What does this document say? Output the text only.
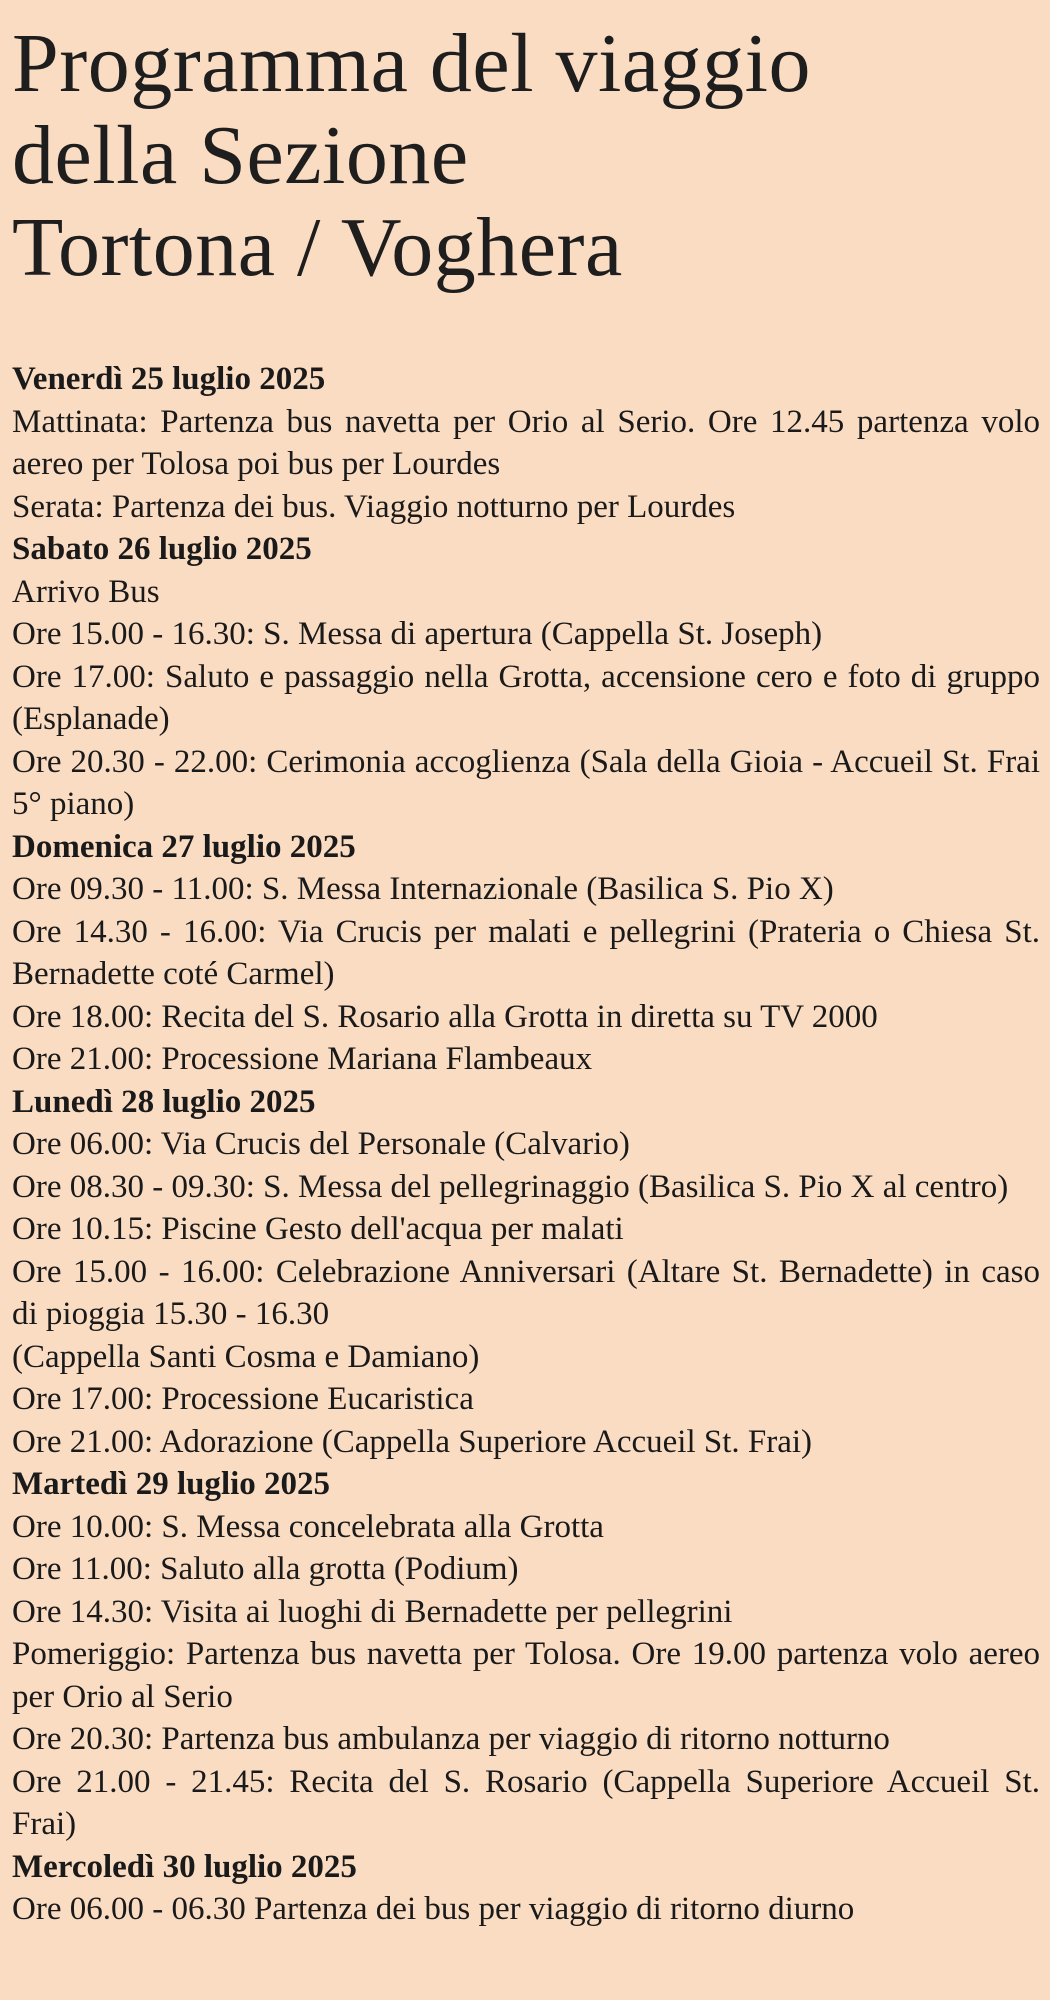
Programma del viaggio
della Sezione
Tortona / Voghera

Venerdì 25 luglio 2025

Mattinata: Partenza bus navetta per Orio al Serio. Ore 12.45 partenza volo aereo per Tolosa poi bus per Lourdes

Serata: Partenza dei bus. Viaggio notturno per Lourdes

Sabato 26 luglio 2025

Arrivo Bus

Ore 15.00 - 16.30: S. Messa di apertura (Cappella St. Joseph)

Ore 17.00: Saluto e passaggio nella Grotta, accensione cero e foto di gruppo (Esplanade)

Ore 20.30 - 22.00: Cerimonia accoglienza (Sala della Gioia - Accueil St. Frai 5° piano)

Domenica 27 luglio 2025

Ore 09.30 - 11.00: S. Messa Internazionale (Basilica S. Pio X)

Ore 14.30 - 16.00: Via Crucis per malati e pellegrini (Prateria o Chiesa St. Bernadette coté Carmel)

Ore 18.00: Recita del S. Rosario alla Grotta in diretta su TV 2000

Ore 21.00: Processione Mariana Flambeaux

Lunedì 28 luglio 2025

Ore 06.00: Via Crucis del Personale (Calvario)

Ore 08.30 - 09.30: S. Messa del pellegrinaggio (Basilica S. Pio X al centro)

Ore 10.15: Piscine Gesto dell'acqua per malati

Ore 15.00 - 16.00: Celebrazione Anniversari (Altare St. Bernadette) in caso di pioggia 15.30 - 16.30

(Cappella Santi Cosma e Damiano)

Ore 17.00: Processione Eucaristica

Ore 21.00: Adorazione (Cappella Superiore Accueil St. Frai)

Martedì 29 luglio 2025

Ore 10.00: S. Messa concelebrata alla Grotta

Ore 11.00: Saluto alla grotta (Podium)

Ore 14.30: Visita ai luoghi di Bernadette per pellegrini

Pomeriggio: Partenza bus navetta per Tolosa. Ore 19.00 partenza volo aereo per Orio al Serio

Ore 20.30: Partenza bus ambulanza per viaggio di ritorno notturno

Ore 21.00 - 21.45: Recita del S. Rosario (Cappella Superiore Accueil St. Frai)

Mercoledì 30 luglio 2025

Ore 06.00 - 06.30 Partenza dei bus per viaggio di ritorno diurno
